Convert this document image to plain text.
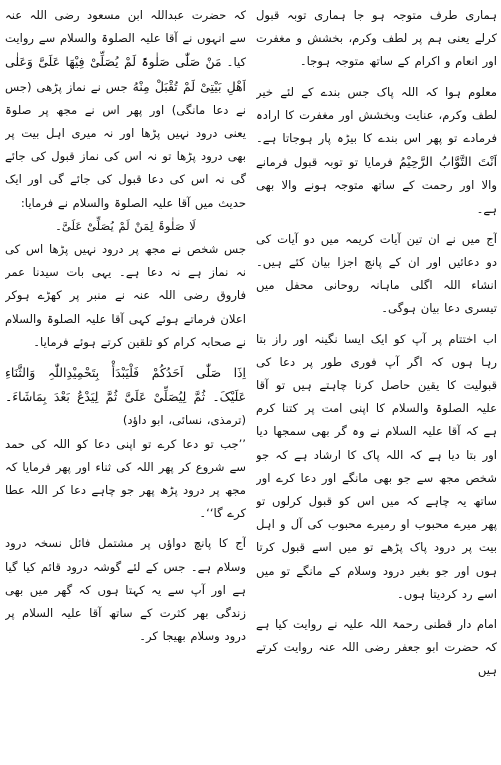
ہماری طرف متوجہ ہو جا ہماری توبہ قبول کرلے یعنی ہم پر لطف وکرم، بخشش و مغفرت اور انعام و اکرام کے ساتھ متوجہ ہوجا۔

معلوم ہوا کہ اللہ پاک جس بندے کے لئے خیر لطف وکرم، عنایت وبخشش اور مغفرت کا ارادہ فرمادے تو پھر اس بندے کا بیڑہ پار ہوجاتا ہے۔ اَنْتَ التَّوَّابُ الرَّحِیْمُ فرمایا تو توبہ قبول فرمانے والا اور رحمت کے ساتھ متوجہ ہونے والا بھی ہے۔

آج میں نے ان تین آیات کریمہ میں دو آیات کی دو دعائیں اور ان کے پانچ اجزا بیان کئے ہیں۔ انشاء اللہ اگلی ماہانہ روحانی محفل میں تیسری دعا بیان ہوگی۔

اب اختتام پر آپ کو ایک ایسا نگینہ اور راز بتا رہا ہوں کہ اگر آپ فوری طور پر دعا کی قبولیت کا یقین حاصل کرنا چاہتے ہیں تو آقا علیہ الصلوۃ والسلام کا اپنی امت پر کتنا کرم ہے کہ آقا علیہ السلام نے وہ گر بھی سمجھا دیا اور بتا دیا ہے کہ اللہ پاک کا ارشاد ہے کہ جو شخص مجھ سے جو بھی مانگے اور دعا کرے اور ساتھ یہ چاہے کہ میں اس کو قبول کرلوں تو پھر میرے محبوب او رمیرے محبوب کی آل و اہل بیت پر درود پاک پڑھے تو میں اسے قبول کرتا ہوں اور جو بغیر درود وسلام کے مانگے تو میں اسے رد کردیتا ہوں۔

امام دار قطنی رحمۃ اللہ علیہ نے روایت کیا ہے کہ حضرت ابو جعفر رضی اللہ عنہ روایت کرتے ہیں

کہ حضرت عبداللہ ابن مسعود رضی اللہ عنہ سے انہوں نے آقا علیہ الصلوۃ والسلام سے روایت کیا۔ مَنْ صَلّٰی صَلٰوۃً لَمْ یُصَلِّیْ فِیْھَا عَلَیَّ وَعَلٰی اَھْلِ بَیْتِیْ لَمْ تُقْبَلْ مِنْهُ جس نے نماز پڑھی (جس نے دعا مانگی) اور پھر اس نے مجھ پر صلوۃ یعنی درود نہیں پڑھا اور نہ میری اہل بیت پر بھی درود پڑھا تو نہ اس کی نماز قبول کی جائے گی نہ اس کی دعا قبول کی جائے گی اور ایک حدیث میں آقا علیہ الصلوۃ والسلام نے فرمایا:

لَا صَلٰوۃَ لِمَنْ لَمْ یُصَلِّیْ عَلَیَّ۔

جس شخص نے مجھ پر درود نہیں پڑھا اس کی نہ نماز ہے نہ دعا ہے۔ یہی بات سیدنا عمر فاروق رضی اللہ عنہ نے منبر پر کھڑے ہوکر اعلان فرماتے ہوئے کہی آقا علیہ الصلوۃ والسلام نے صحابہ کرام کو تلقین کرتے ہوئے فرمایا۔

اِذَا صَلّٰی اَحَدُکُمْ فَلْیَبْدَأْ بِتَحْمِیْدِاللّٰہِ وَالثَّنَاءِ عَلَیْکَ۔ ثُمَّ لِیُصَلِّیْ عَلَیَّ ثُمَّ لِیَدْعُ بَعْدَ بِمَاشَاءَ۔ (ترمذی، نسائی، ابو داؤد)

’’جب تو دعا کرے تو اپنی دعا کو اللہ کی حمد سے شروع کر پھر اللہ کی ثناء اور پھر فرمایا کہ مجھ پر درود پڑھ پھر جو چاہے دعا کر اللہ عطا کرے گا‘‘۔

آج کا پانچ دواؤں پر مشتمل فائل نسخہ درود وسلام ہے۔ جس کے لئے گوشہ درود قائم کیا گیا ہے اور آپ سے یہ کہتا ہوں کہ گھر میں بھی زندگی بھر کثرت کے ساتھ آقا علیہ السلام پر درود وسلام بھیجا کر۔
